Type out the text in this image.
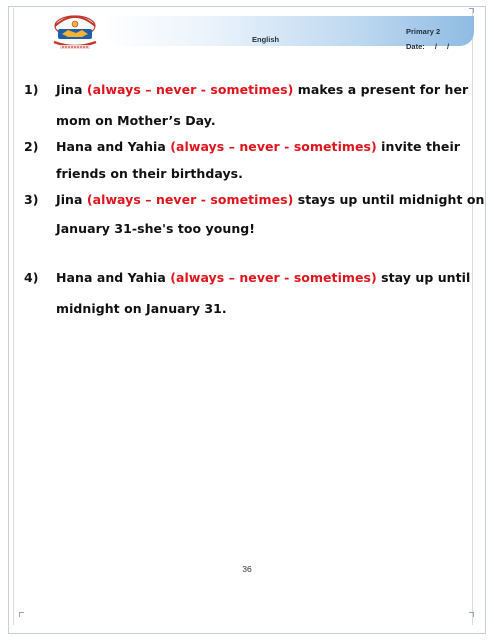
English
Primary 2
Date: / /
1) Jina (always – never - sometimes) makes a present for her
mom on Mother’s Day.
2) Hana and Yahia (always – never - sometimes) invite their
friends on their birthdays.
3) Jina (always – never - sometimes) stays up until midnight on
January 31-she's too young!
4) Hana and Yahia (always – never - sometimes) stay up until
midnight on January 31.
36
